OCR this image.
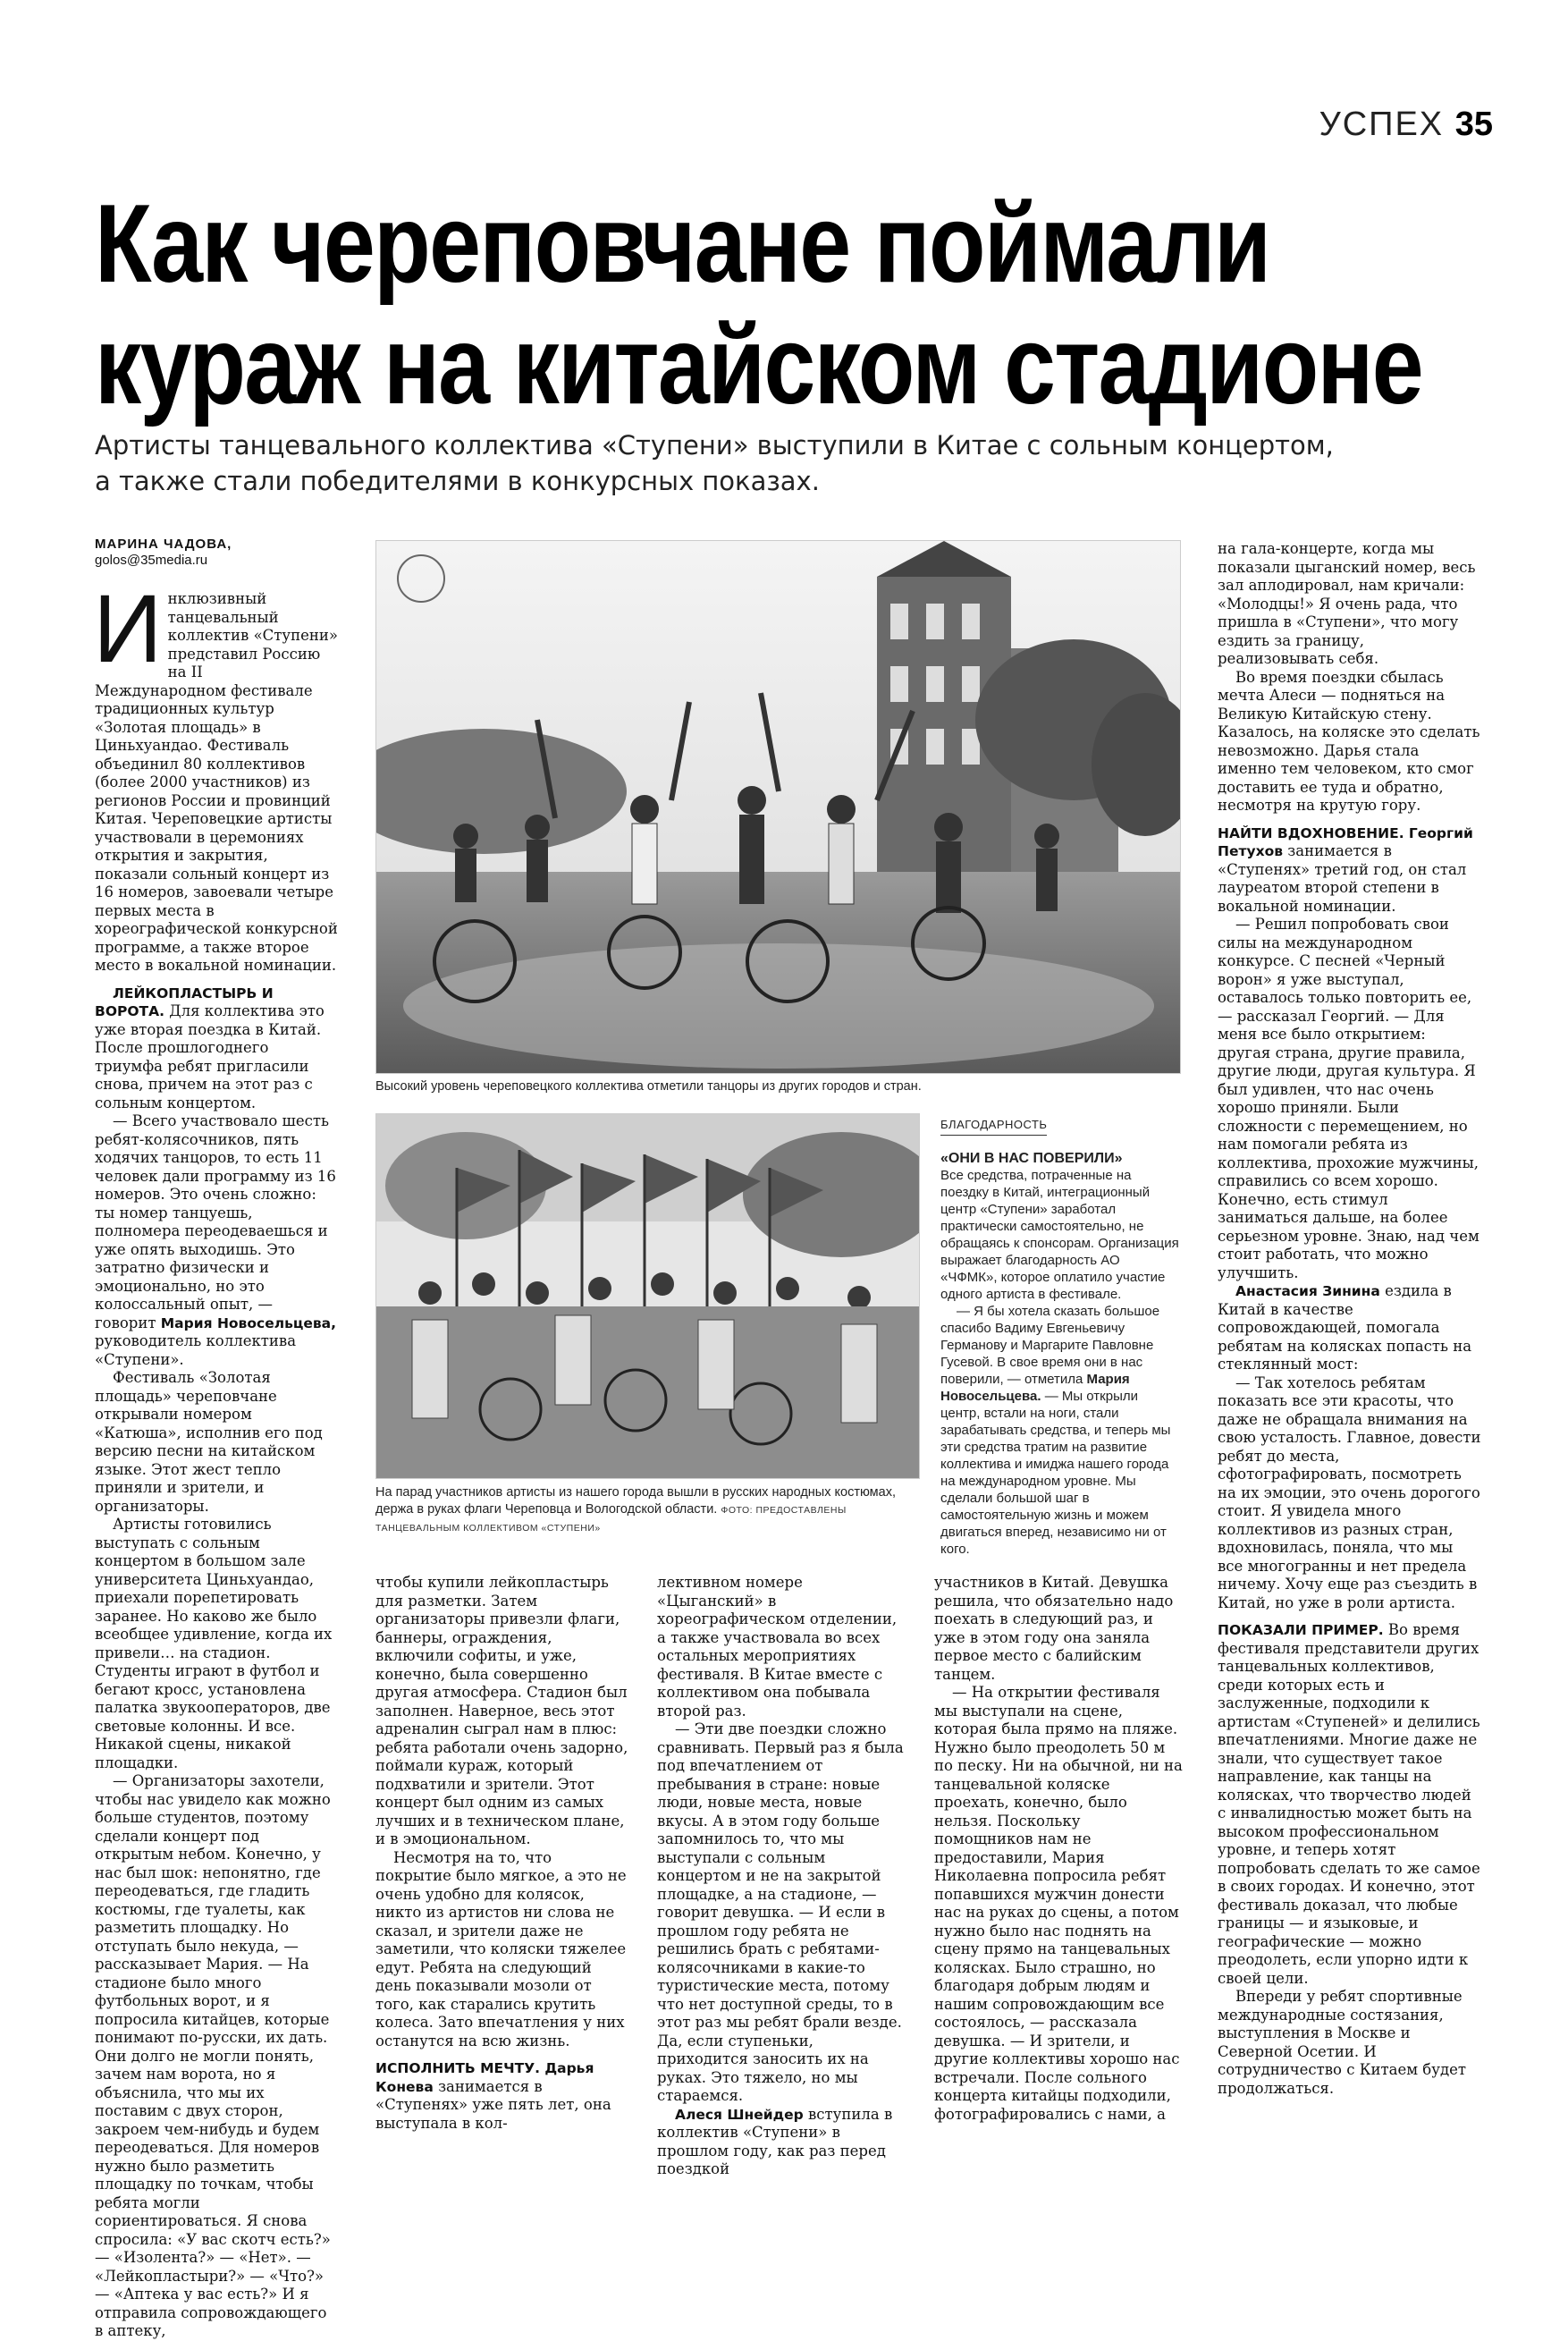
УСПЕХ 35
Как череповчане поймали
кураж на китайском стадионе
Артисты танцевального коллектива «Ступени» выступили в Китае с сольным концертом,
а также стали победителями в конкурсных показах.
МАРИНА ЧАДОВА,
golos@35media.ru

Инклюзивный танцевальный коллектив «Ступени» представил Россию на II Международном фестивале традиционных культур «Золотая площадь» в Циньхуандао. Фестиваль объединил 80 коллективов (более 2000 участников) из регионов России и провинций Китая. Череповецкие артисты участвовали в церемониях открытия и закрытия, показали сольный концерт из 16 номеров, завоевали четыре первых места в хореографической конкурсной программе, а также второе место в вокальной номинации.

ЛЕЙКОПЛАСТЫРЬ И ВОРОТА. Для коллектива это уже вторая поездка в Китай. После прошлогоднего триумфа ребят пригласили снова, причем на этот раз с сольным концертом.

— Всего участвовало шесть ребят-колясочников, пять ходячих танцоров, то есть 11 человек дали программу из 16 номеров. Это очень сложно: ты номер танцуешь, полномера переодеваешься и уже опять выходишь. Это затратно физически и эмоционально, но это колоссальный опыт, — говорит Мария Новосельцева, руководитель коллектива «Ступени».

Фестиваль «Золотая площадь» череповчане открывали номером «Катюша», исполнив его под версию песни на китайском языке. Этот жест тепло приняли и зрители, и организаторы.

Артисты готовились выступать с сольным концертом в большом зале университета Циньхуандао, приехали порепетировать заранее. Но каково же было всеобщее удивление, когда их привели… на стадион. Студенты играют в футбол и бегают кросс, установлена палатка звукооператоров, две световые колонны. И все. Никакой сцены, никакой площадки.

— Организаторы захотели, чтобы нас увидело как можно больше студентов, поэтому сделали концерт под открытым небом. Конечно, у нас был шок: непонятно, где переодеваться, где гладить костюмы, где туалеты, как разметить площадку. Но отступать было некуда, — рассказывает Мария. — На стадионе было много футбольных ворот, и я попросила китайцев, которые понимают по-русски, их дать. Они долго не могли понять, зачем нам ворота, но я объяснила, что мы их поставим с двух сторон, закроем чем-нибудь и будем переодеваться. Для номеров нужно было разметить площадку по точкам, чтобы ребята могли сориентироваться. Я снова спросила: «У вас скотч есть?» — «Изолента?» — «Нет». — «Лейкопластыри?» — «Что?» — «Аптека у вас есть?» И я отправила сопровождающего в аптеку,

Высокий уровень череповецкого коллектива отметили танцоры из других городов и стран.
На парад участников артисты из нашего города вышли в русских народных костюмах, держа в руках флаги Череповца и Вологодской области. ФОТО: ПРЕДОСТАВЛЕНЫ ТАНЦЕВАЛЬНЫМ КОЛЛЕКТИВОМ «СТУПЕНИ»
БЛАГОДАРНОСТЬ
«ОНИ В НАС ПОВЕРИЛИ»

Все средства, потраченные на поездку в Китай, интеграционный центр «Ступени» заработал практически самостоятельно, не обращаясь к спонсорам. Организация выражает благодарность АО «ЧФМК», которое оплатило участие одного артиста в фестивале.

— Я бы хотела сказать большое спасибо Вадиму Евгеньевичу Германову и Маргарите Павловне Гусевой. В свое время они в нас поверили, — отметила Мария Новосельцева. — Мы открыли центр, встали на ноги, стали зарабатывать средства, и теперь мы эти средства тратим на развитие коллектива и имиджа нашего города на международном уровне. Мы сделали большой шаг в самостоятельную жизнь и можем двигаться вперед, независимо ни от кого.

чтобы купили лейкопластырь для разметки. Затем организаторы привезли флаги, баннеры, ограждения, включили софиты, и уже, конечно, была совершенно другая атмосфера. Стадион был заполнен. Наверное, весь этот адреналин сыграл нам в плюс: ребята работали очень задорно, поймали кураж, который подхватили и зрители. Этот концерт был одним из самых лучших и в техническом плане, и в эмоциональном.

Несмотря на то, что покрытие было мягкое, а это не очень удобно для колясок, никто из артистов ни слова не сказал, и зрители даже не заметили, что коляски тяжелее едут. Ребята на следующий день показывали мозоли от того, как старались крутить колеса. Зато впечатления у них останутся на всю жизнь.

ИСПОЛНИТЬ МЕЧТУ. Дарья Конева занимается в «Ступенях» уже пять лет, она выступала в кол-

лективном номере «Цыганский» в хореографическом отделении, а также участвовала во всех остальных мероприятиях фестиваля. В Китае вместе с коллективом она побывала второй раз.

— Эти две поездки сложно сравнивать. Первый раз я была под впечатлением от пребывания в стране: новые люди, новые места, новые вкусы. А в этом году больше запомнилось то, что мы выступали с сольным концертом и не на закрытой площадке, а на стадионе, — говорит девушка. — И если в прошлом году ребята не решились брать с ребятами-колясочниками в какие-то туристические места, потому что нет доступной среды, то в этот раз мы ребят брали везде. Да, если ступеньки, приходится заносить их на руках. Это тяжело, но мы стараемся.

Алеся Шнейдер вступила в коллектив «Ступени» в прошлом году, как раз перед поездкой

участников в Китай. Девушка решила, что обязательно надо поехать в следующий раз, и уже в этом году она заняла первое место с балийским танцем.

— На открытии фестиваля мы выступали на сцене, которая была прямо на пляже. Нужно было преодолеть 50 м по песку. Ни на обычной, ни на танцевальной коляске проехать, конечно, было нельзя. Поскольку помощников нам не предоставили, Мария Николаевна попросила ребят попавшихся мужчин донести нас на руках до сцены, а потом нужно было нас поднять на сцену прямо на танцевальных колясках. Было страшно, но благодаря добрым людям и нашим сопровождающим все состоялось, — рассказала девушка. — И зрители, и другие коллективы хорошо нас встречали. После сольного концерта китайцы подходили, фотографировались с нами, а

на гала-концерте, когда мы показали цыганский номер, весь зал аплодировал, нам кричали: «Молодцы!» Я очень рада, что пришла в «Ступени», что могу ездить за границу, реализовывать себя.

Во время поездки сбылась мечта Алеси — подняться на Великую Китайскую стену. Казалось, на коляске это сделать невозможно. Дарья стала именно тем человеком, кто смог доставить ее туда и обратно, несмотря на крутую гору.

НАЙТИ ВДОХНОВЕНИЕ. Георгий Петухов занимается в «Ступенях» третий год, он стал лауреатом второй степени в вокальной номинации.

— Решил попробовать свои силы на международном конкурсе. С песней «Черный ворон» я уже выступал, оставалось только повторить ее, — рассказал Георгий. — Для меня все было открытием: другая страна, другие правила, другие люди, другая культура. Я был удивлен, что нас очень хорошо приняли. Были сложности с перемещением, но нам помогали ребята из коллектива, прохожие мужчины, справились со всем хорошо. Конечно, есть стимул заниматься дальше, на более серьезном уровне. Знаю, над чем стоит работать, что можно улучшить.

Анастасия Зинина ездила в Китай в качестве сопровождающей, помогала ребятам на колясках попасть на стеклянный мост:

— Так хотелось ребятам показать все эти красоты, что даже не обращала внимания на свою усталость. Главное, довести ребят до места, сфотографировать, посмотреть на их эмоции, это очень дорогого стоит. Я увидела много коллективов из разных стран, вдохновилась, поняла, что мы все многогранны и нет предела ничему. Хочу еще раз съездить в Китай, но уже в роли артиста.

ПОКАЗАЛИ ПРИМЕР. Во время фестиваля представители других танцевальных коллективов, среди которых есть и заслуженные, подходили к артистам «Ступеней» и делились впечатлениями. Многие даже не знали, что существует такое направление, как танцы на колясках, что творчество людей с инвалидностью может быть на высоком профессиональном уровне, и теперь хотят попробовать сделать то же самое в своих городах. И конечно, этот фестиваль доказал, что любые границы — и языковые, и географические — можно преодолеть, если упорно идти к своей цели.

Впереди у ребят спортивные международные состязания, выступления в Москве и Северной Осетии. И сотрудничество с Китаем будет продолжаться.
